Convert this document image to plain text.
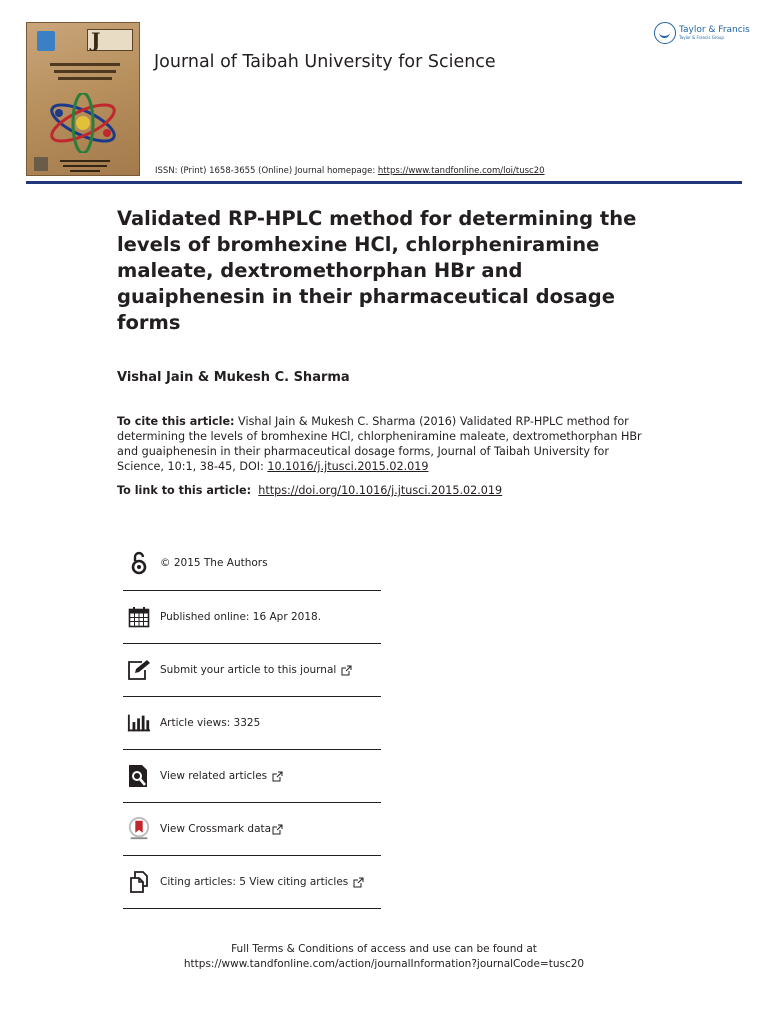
J
Journal of Taibah University for Science
Taylor & Francis
Taylor & Francis Group
ISSN: (Print) 1658-3655 (Online) Journal homepage: https://www.tandfonline.com/loi/tusc20
Validated RP-HPLC method for determining the levels of bromhexine HCl, chlorpheniramine maleate, dextromethorphan HBr and guaiphenesin in their pharmaceutical dosage forms
Vishal Jain & Mukesh C. Sharma
To cite this article: Vishal Jain & Mukesh C. Sharma (2016) Validated RP-HPLC method for determining the levels of bromhexine HCl, chlorpheniramine maleate, dextromethorphan HBr and guaiphenesin in their pharmaceutical dosage forms, Journal of Taibah University for Science, 10:1, 38-45, DOI: 10.1016/j.jtusci.2015.02.019
To link to this article: https://doi.org/10.1016/j.jtusci.2015.02.019
© 2015 The Authors
Published online: 16 Apr 2018.
Submit your article to this journal
Article views: 3325
View related articles
View Crossmark data
Citing articles: 5 View citing articles
Full Terms & Conditions of access and use can be found at
https://www.tandfonline.com/action/journalInformation?journalCode=tusc20
